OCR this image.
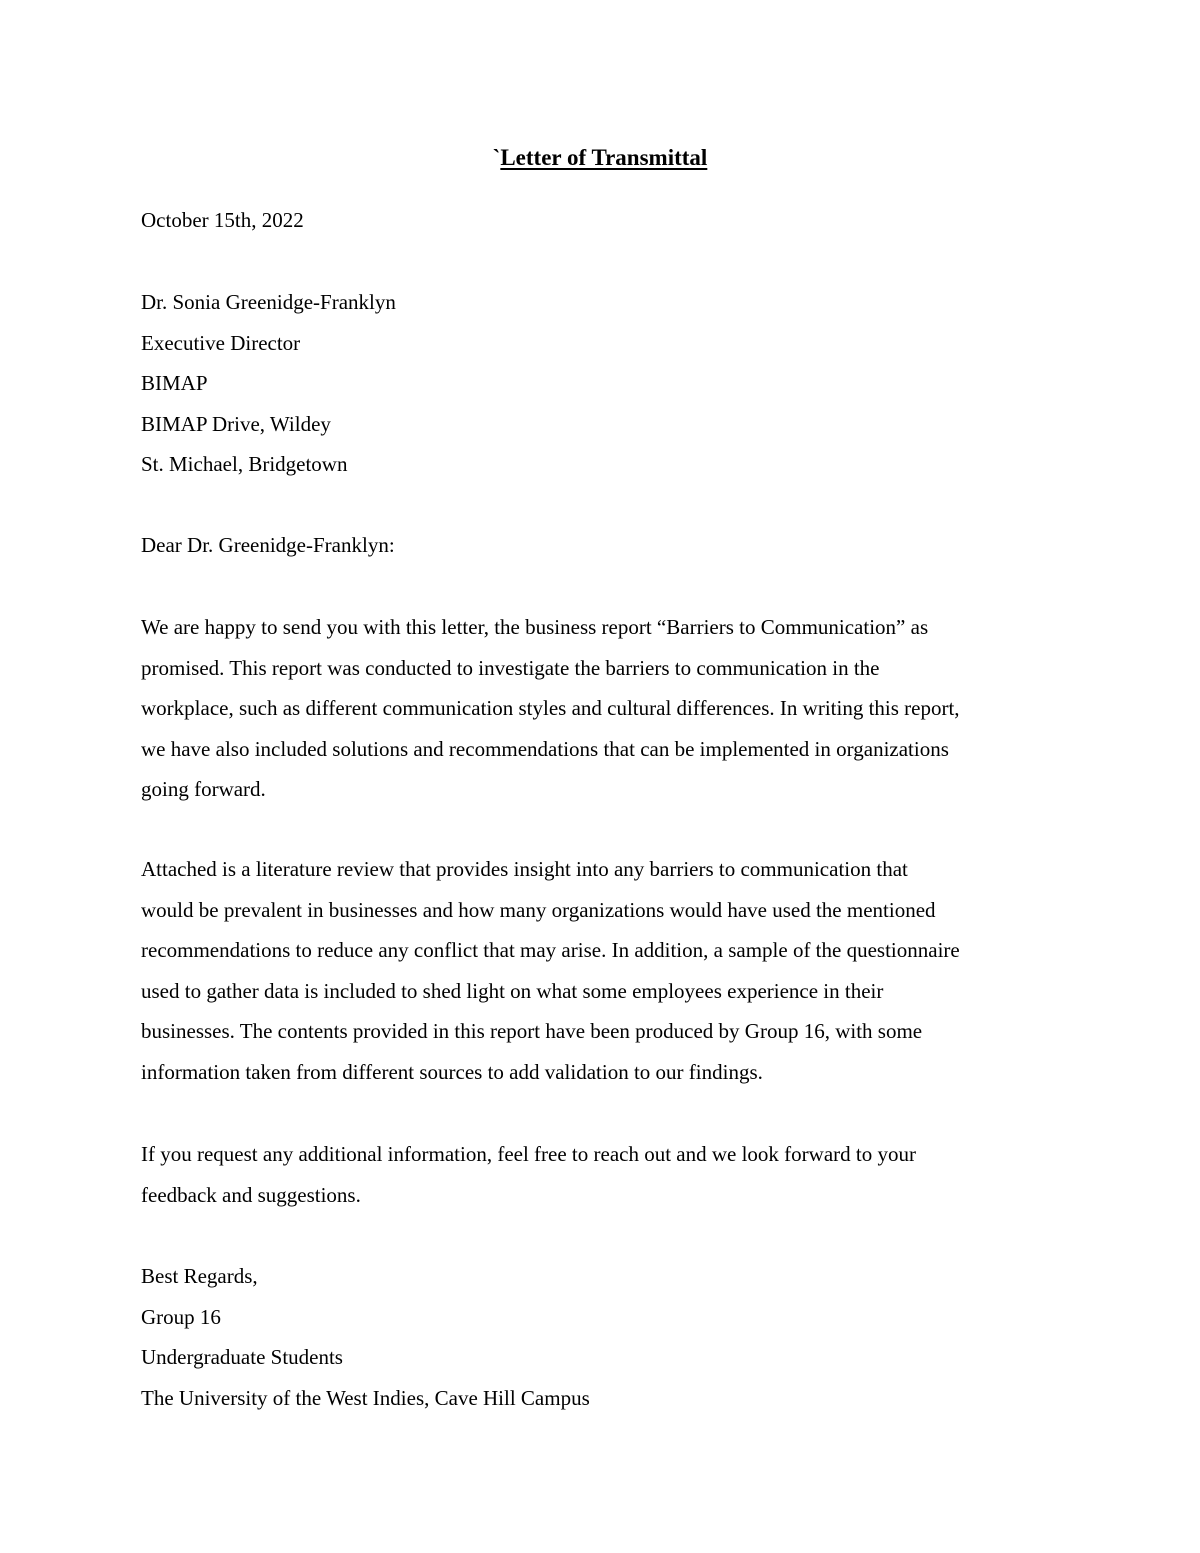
`Letter of Transmittal
October 15th, 2022
Dr. Sonia Greenidge-Franklyn
Executive Director
BIMAP
BIMAP Drive, Wildey
St. Michael, Bridgetown
Dear Dr. Greenidge-Franklyn:
We are happy to send you with this letter, the business report “Barriers to Communication” as
promised. This report was conducted to investigate the barriers to communication in the
workplace, such as different communication styles and cultural differences. In writing this report,
we have also included solutions and recommendations that can be implemented in organizations
going forward.
Attached is a literature review that provides insight into any barriers to communication that
would be prevalent in businesses and how many organizations would have used the mentioned
recommendations to reduce any conflict that may arise. In addition, a sample of the questionnaire
used to gather data is included to shed light on what some employees experience in their
businesses. The contents provided in this report have been produced by Group 16, with some
information taken from different sources to add validation to our findings.
If you request any additional information, feel free to reach out and we look forward to your
feedback and suggestions.
Best Regards,
Group 16
Undergraduate Students
The University of the West Indies, Cave Hill Campus
